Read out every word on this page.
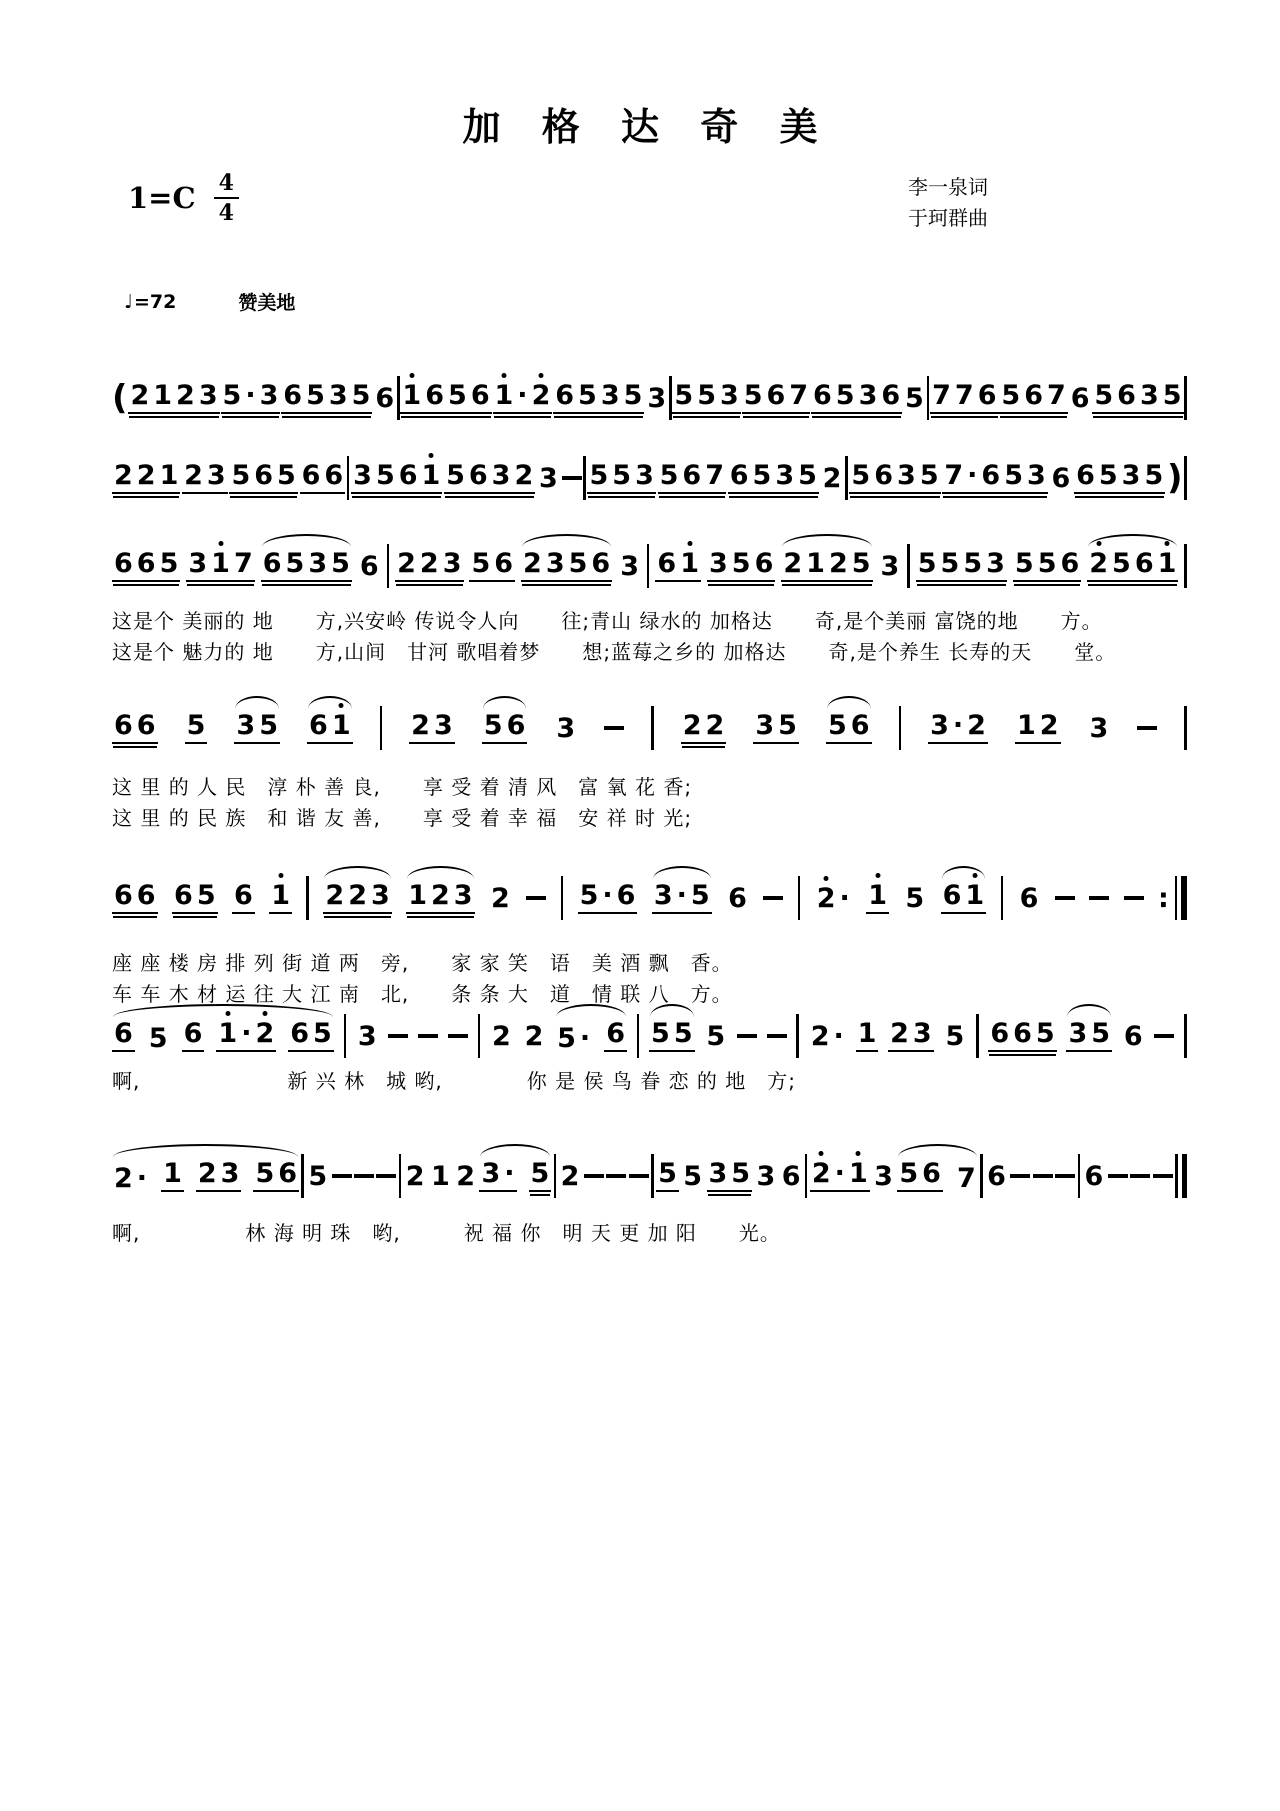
加 格 达 奇 美
$1=C \frac{4}{4}$	李一泉词
于珂群曲
♩ =72	赞美地
( 2 1 2 3 5 · 3 6 5 3 5 6 1 6 5 6 1 · 2 6 5 3 5 3 5 5 3 5 6 7 6 5 3 6 5 7 7 6 5 6 7 6 5 6 3 5
2 2 1 2 3 5 6 5 6 6 3 5 6 1 5 6 3 2 3 5 5 3 5 6 7 6 5 3 5 2 5 6 3 5 7 · 6 5 3 6 6 5 3 5 )
6 6 5 3 1 7 6 5 3 5 6 2 2 3 5 6 2 3 5 6 3 6 1 3 5 6 2 1 2 5 3 5 5 5 3 5 5 6 2 5 6 1
这是个 美丽的 地　　方,兴安岭 传说令人向　　往;青山 绿水的 加格达　　奇,是个美丽 富饶的地　　方。
这是个 魅力的 地　　方,山间　甘河 歌唱着梦　　想;蓝莓之乡的 加格达　　奇,是个养生 长寿的天　　堂。
6 6 5 3 5 6 1 2 3 5 6 3	2 2 3 5 5 6 3 · 2 1 2 3
这 里 的 人 民　淳 朴 善 良,　　享 受 着 清 风　富 氧 花 香;
这 里 的 民 族　和 谐 友 善,　　享 受 着 幸 福　安 祥 时 光;
6 6 6 5 6 1 2 2 3 1 2 3 2	5 · 6 3 · 5 6	2 · 1 5 6 1 6	:
座 座 楼 房 排 列 街 道 两　旁,　　家 家 笑　语　美 酒 飘　香。
车 车 木 材 运 往 大 江 南　北,　　条 条 大　道　情 联 八　方。
6 5 6 1 · 2 6 5 3	2 2 5 · 6 5 5 5	2 · 1 2 3 5 6 6 5 3 5 6
啊,　　　　　　　新 兴 林　城 哟,　　　　你 是 侯 鸟 眷 恋 的 地　方;
2 · 1 2 3 5 6 5	2 1 2 3 · 5 2	5 5 3 5 3 6 2 · 1 3 5 6 7 6	6
啊,　　　　　林 海 明 珠　哟,　　　祝 福 你　明 天 更 加 阳　　光。
